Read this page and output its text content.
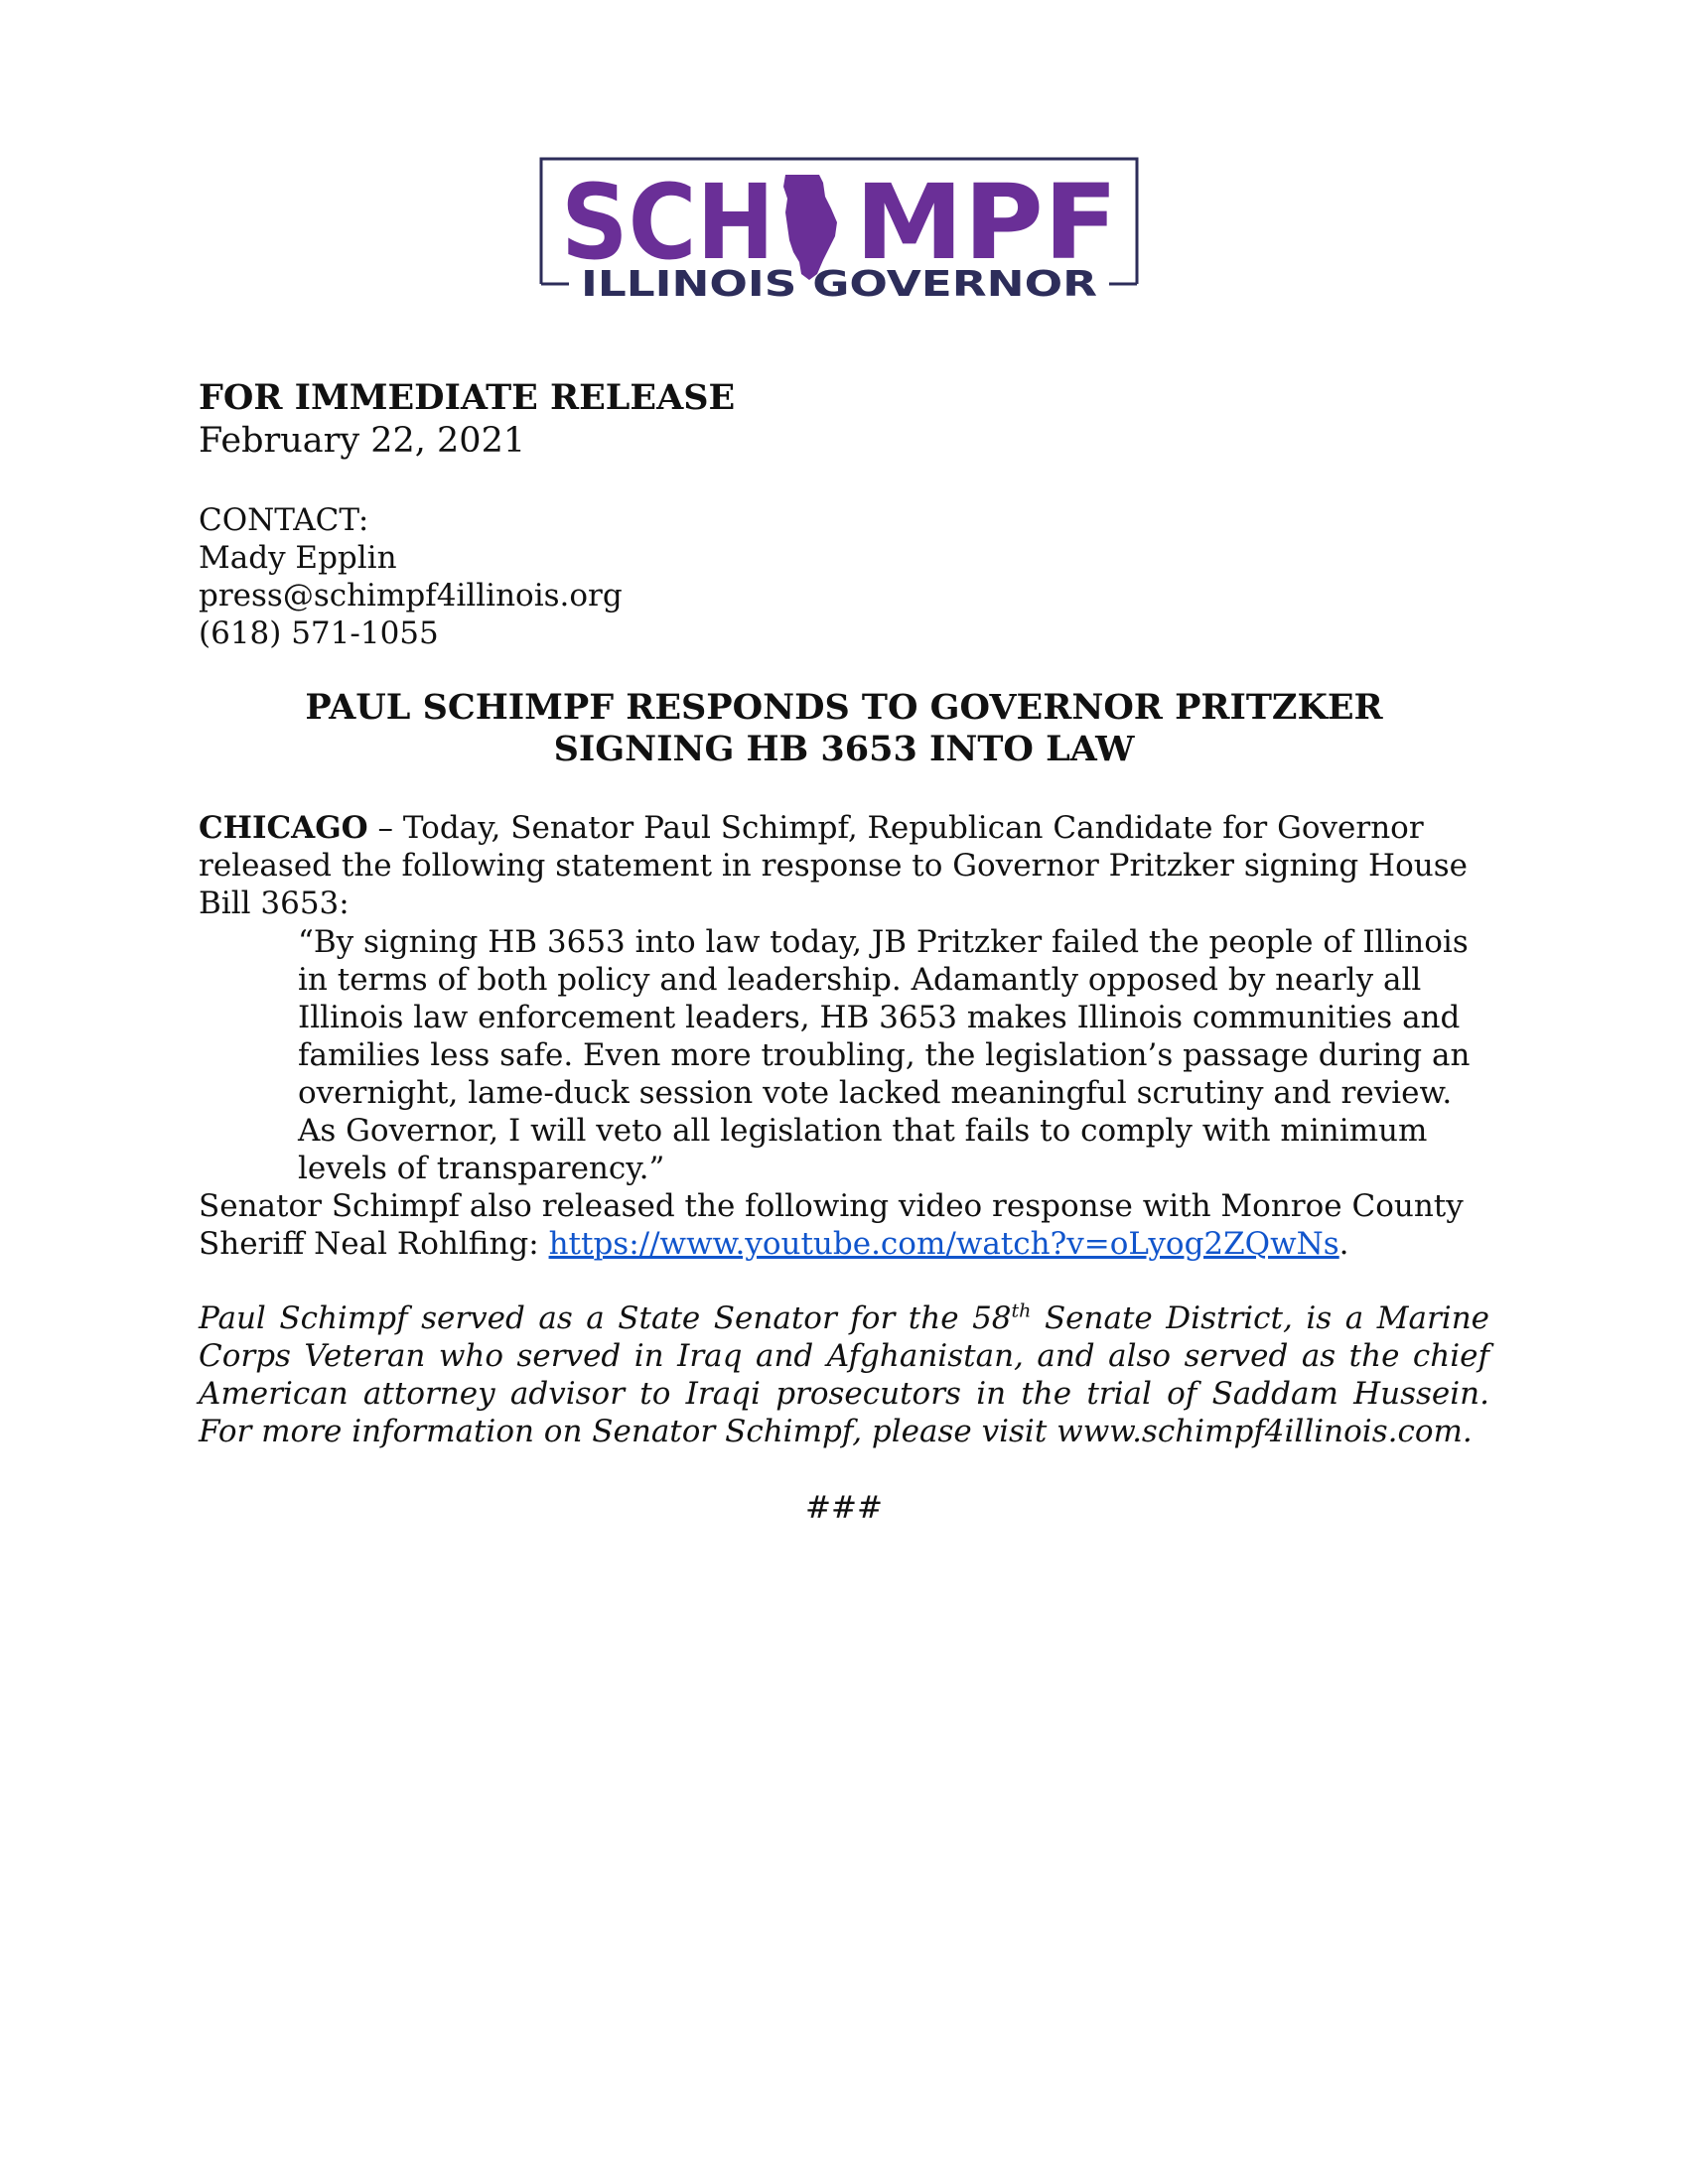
SCH MPF
ILLINOIS GOVERNOR
FOR IMMEDIATE RELEASE
February 22, 2021
CONTACT:
Mady Epplin
press@schimpf4illinois.org
(618) 571-1055
PAUL SCHIMPF RESPONDS TO GOVERNOR PRITZKER
SIGNING HB 3653 INTO LAW
CHICAGO – Today, Senator Paul Schimpf, Republican Candidate for Governor released the following statement in response to Governor Pritzker signing House Bill 3653:
“By signing HB 3653 into law today, JB Pritzker failed the people of Illinois in terms of both policy and leadership. Adamantly opposed by nearly all Illinois law enforcement leaders, HB 3653 makes Illinois communities and families less safe. Even more troubling, the legislation’s passage during an overnight, lame-duck session vote lacked meaningful scrutiny and review. As Governor, I will veto all legislation that fails to comply with minimum levels of transparency.”
Senator Schimpf also released the following video response with Monroe County Sheriff Neal Rohlfing: https://www.youtube.com/watch?v=oLyog2ZQwNs.
Paul Schimpf served as a State Senator for the 58th Senate District, is a Marine Corps Veteran who served in Iraq and Afghanistan, and also served as the chief American attorney advisor to Iraqi prosecutors in the trial of Saddam Hussein. For more information on Senator Schimpf, please visit www.schimpf4illinois.com.
###
